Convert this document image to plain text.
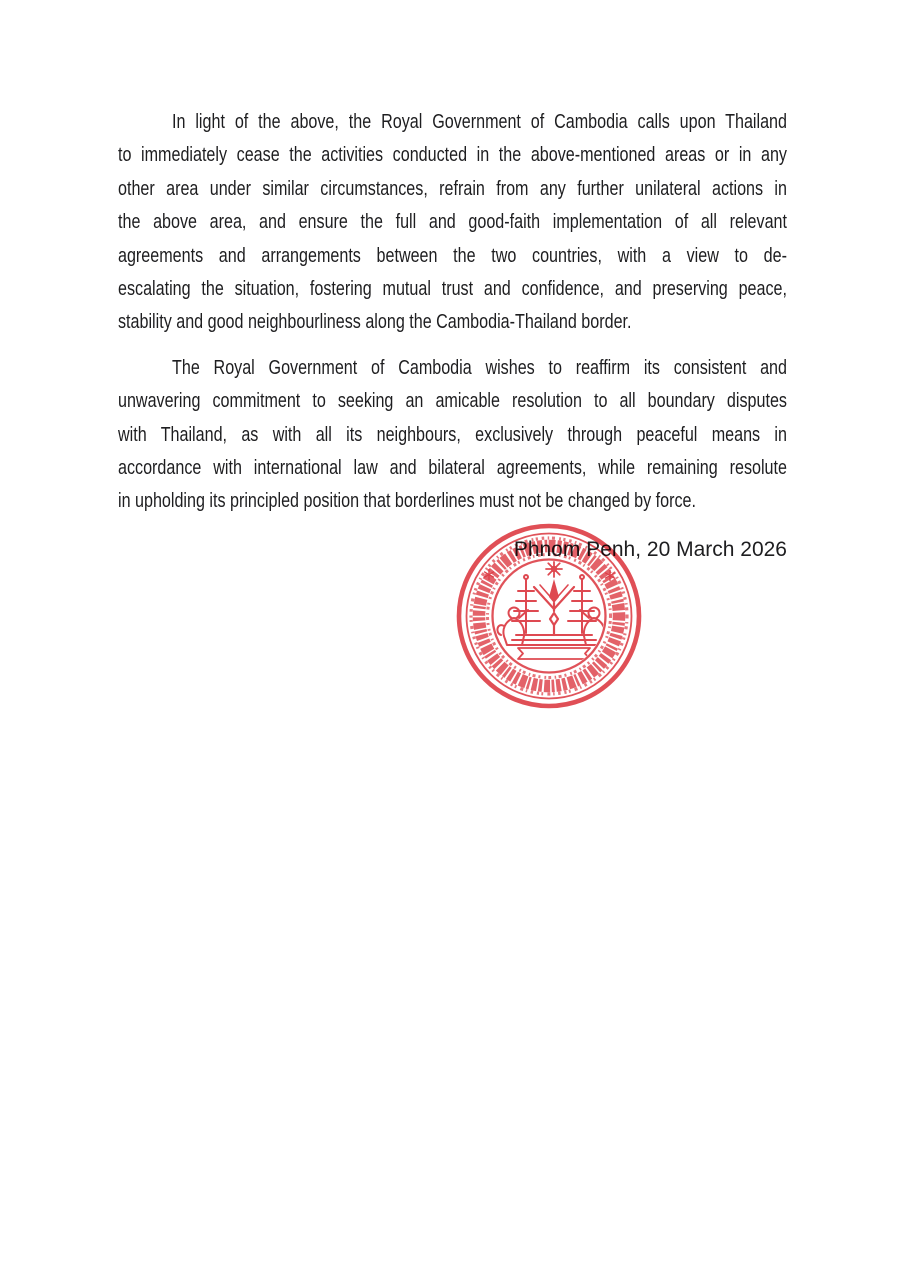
In light of the above, the Royal Government of Cambodia calls upon Thailand
to immediately cease the activities conducted in the above-mentioned areas or in any
other area under similar circumstances, refrain from any further unilateral actions in
the above area, and ensure the full and good-faith implementation of all relevant
agreements and arrangements between the two countries, with a view to de-
escalating the situation, fostering mutual trust and confidence, and preserving peace,
stability and good neighbourliness along the Cambodia-Thailand border.
The Royal Government of Cambodia wishes to reaffirm its consistent and
unwavering commitment to seeking an amicable resolution to all boundary disputes
with Thailand, as with all its neighbours, exclusively through peaceful means in
accordance with international law and bilateral agreements, while remaining resolute
in upholding its principled position that borderlines must not be changed by force.
Phnom Penh, 20 March 2026
*	*
